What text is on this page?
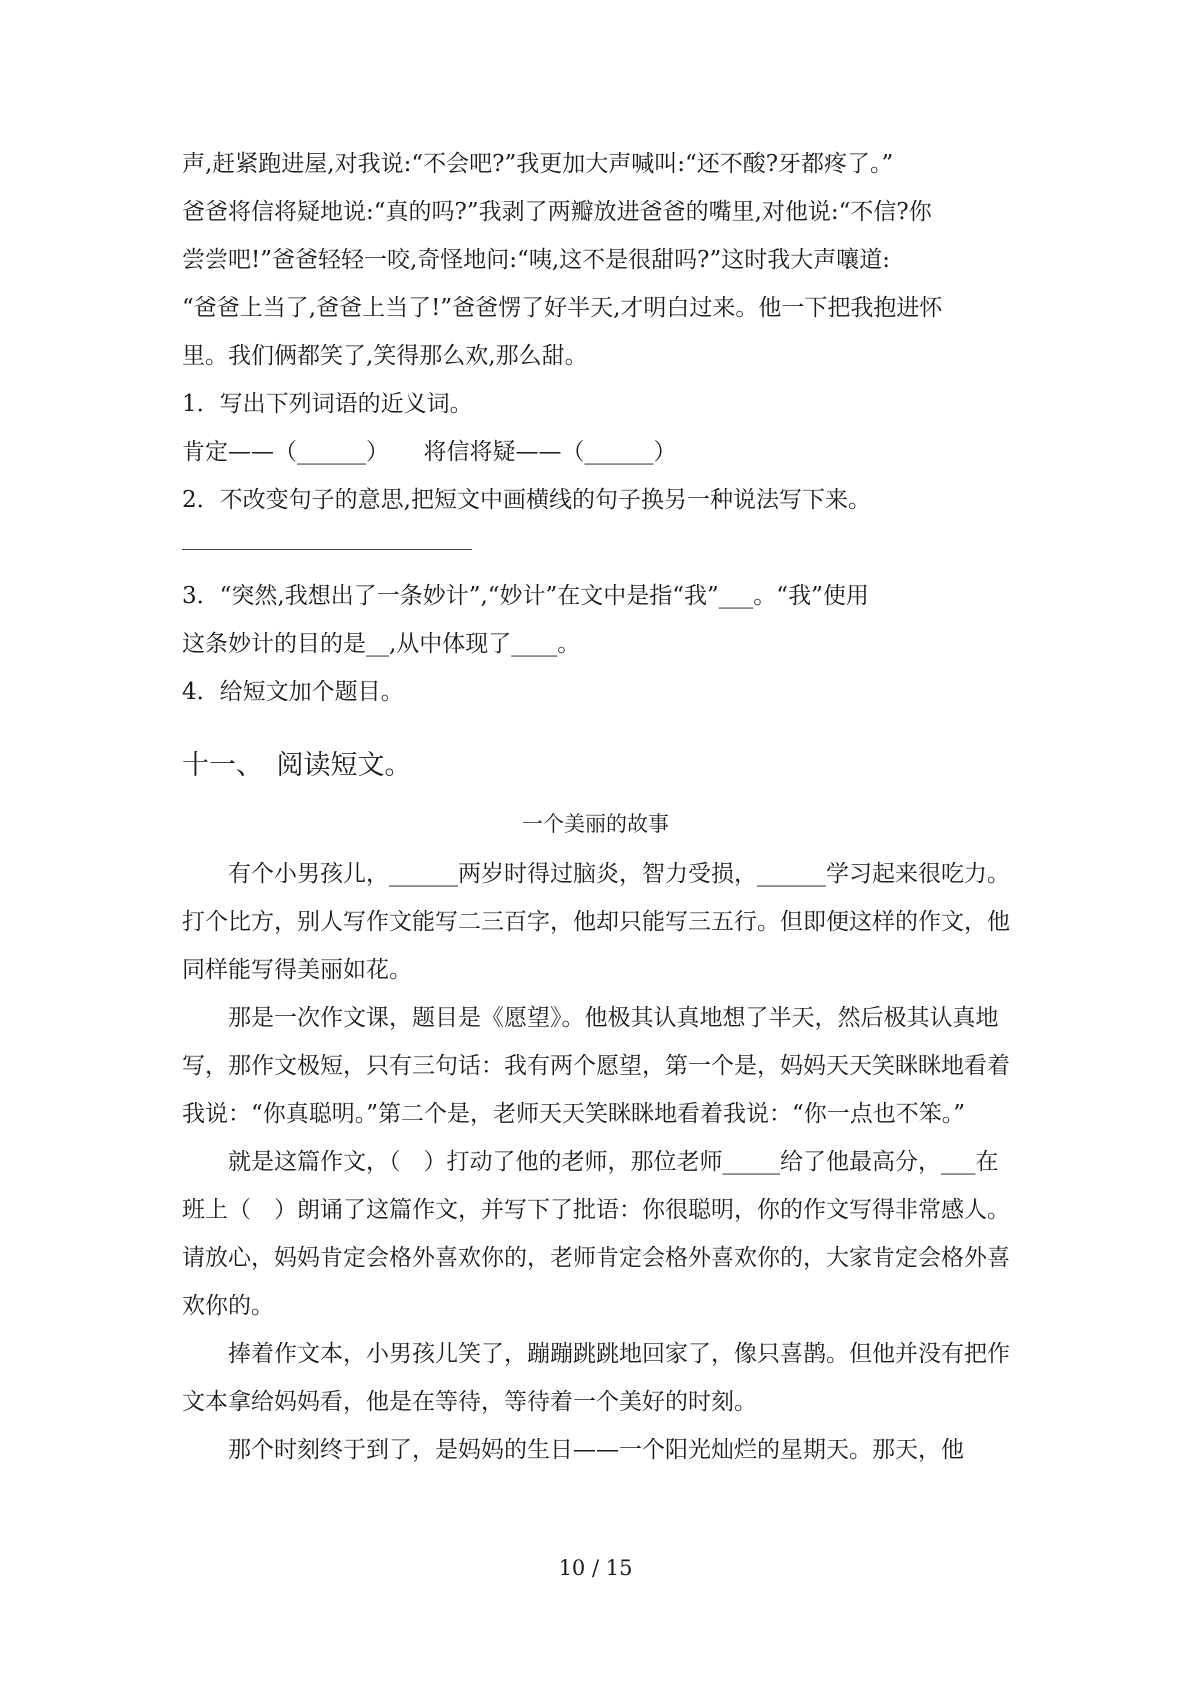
声,赶紧跑进屋,对我说:“不会吧?”我更加大声喊叫:“还不酸?牙都疼了。”
爸爸将信将疑地说:“真的吗?”我剥了两瓣放进爸爸的嘴里,对他说:“不信?你
尝尝吧!”爸爸轻轻一咬,奇怪地问:“咦,这不是很甜吗?”这时我大声嚷道:
“爸爸上当了,爸爸上当了!”爸爸愣了好半天,才明白过来。他一下把我抱进怀
里。我们俩都笑了,笑得那么欢,那么甜。
1．写出下列词语的近义词。
肯定——（______）　　将信将疑——（______）
2．不改变句子的意思,把短文中画横线的句子换另一种说法写下来。
3．“突然,我想出了一条妙计”,“妙计”在文中是指“我”___。“我”使用
这条妙计的目的是__,从中体现了____。
4．给短文加个题目。
十一、　阅读短文。
一个美丽的故事
有个小男孩儿，______两岁时得过脑炎，智力受损，______学习起来很吃力。打个比方，别人写作文能写二三百字，他却只能写三五行。但即便这样的作文，他同样能写得美丽如花。
那是一次作文课，题目是《愿望》。他极其认真地想了半天，然后极其认真地写，那作文极短，只有三句话：我有两个愿望，第一个是，妈妈天天笑眯眯地看着我说：“你真聪明。”第二个是，老师天天笑眯眯地看着我说：“你一点也不笨。”
就是这篇作文，（　）打动了他的老师，那位老师_____给了他最高分，___在班上（　）朗诵了这篇作文，并写下了批语：你很聪明，你的作文写得非常感人。请放心，妈妈肯定会格外喜欢你的，老师肯定会格外喜欢你的，大家肯定会格外喜欢你的。
捧着作文本，小男孩儿笑了，蹦蹦跳跳地回家了，像只喜鹊。但他并没有把作文本拿给妈妈看，他是在等待，等待着一个美好的时刻。
那个时刻终于到了，是妈妈的生日——一个阳光灿烂的星期天。那天，他
10 / 15
